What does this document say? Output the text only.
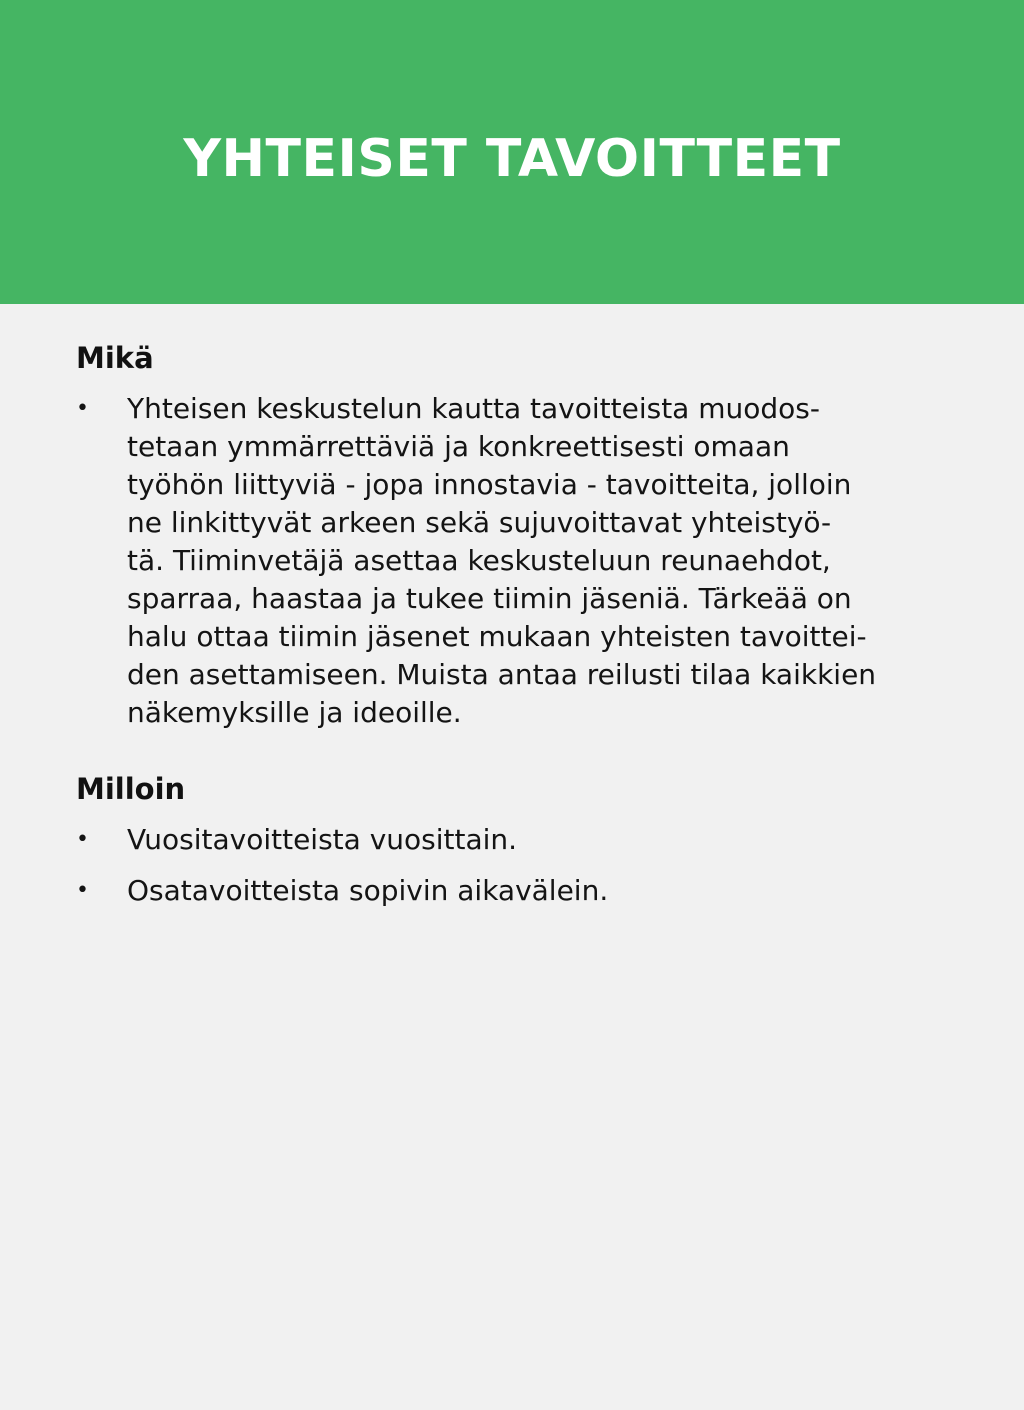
YHTEISET TAVOITTEET
Mikä
• Yhteisen keskustelun kautta tavoitteista muodos-
tetaan ymmärrettäviä ja konkreettisesti omaan
työhön liittyviä - jopa innostavia - tavoitteita, jolloin
ne linkittyvät arkeen sekä sujuvoittavat yhteistyö-
tä. Tiiminvetäjä asettaa keskusteluun reunaehdot,
sparraa, haastaa ja tukee tiimin jäseniä. Tärkeää on
halu ottaa tiimin jäsenet mukaan yhteisten tavoittei-
den asettamiseen. Muista antaa reilusti tilaa kaikkien
näkemyksille ja ideoille.
Milloin
• Vuositavoitteista vuosittain.
• Osatavoitteista sopivin aikavälein.
